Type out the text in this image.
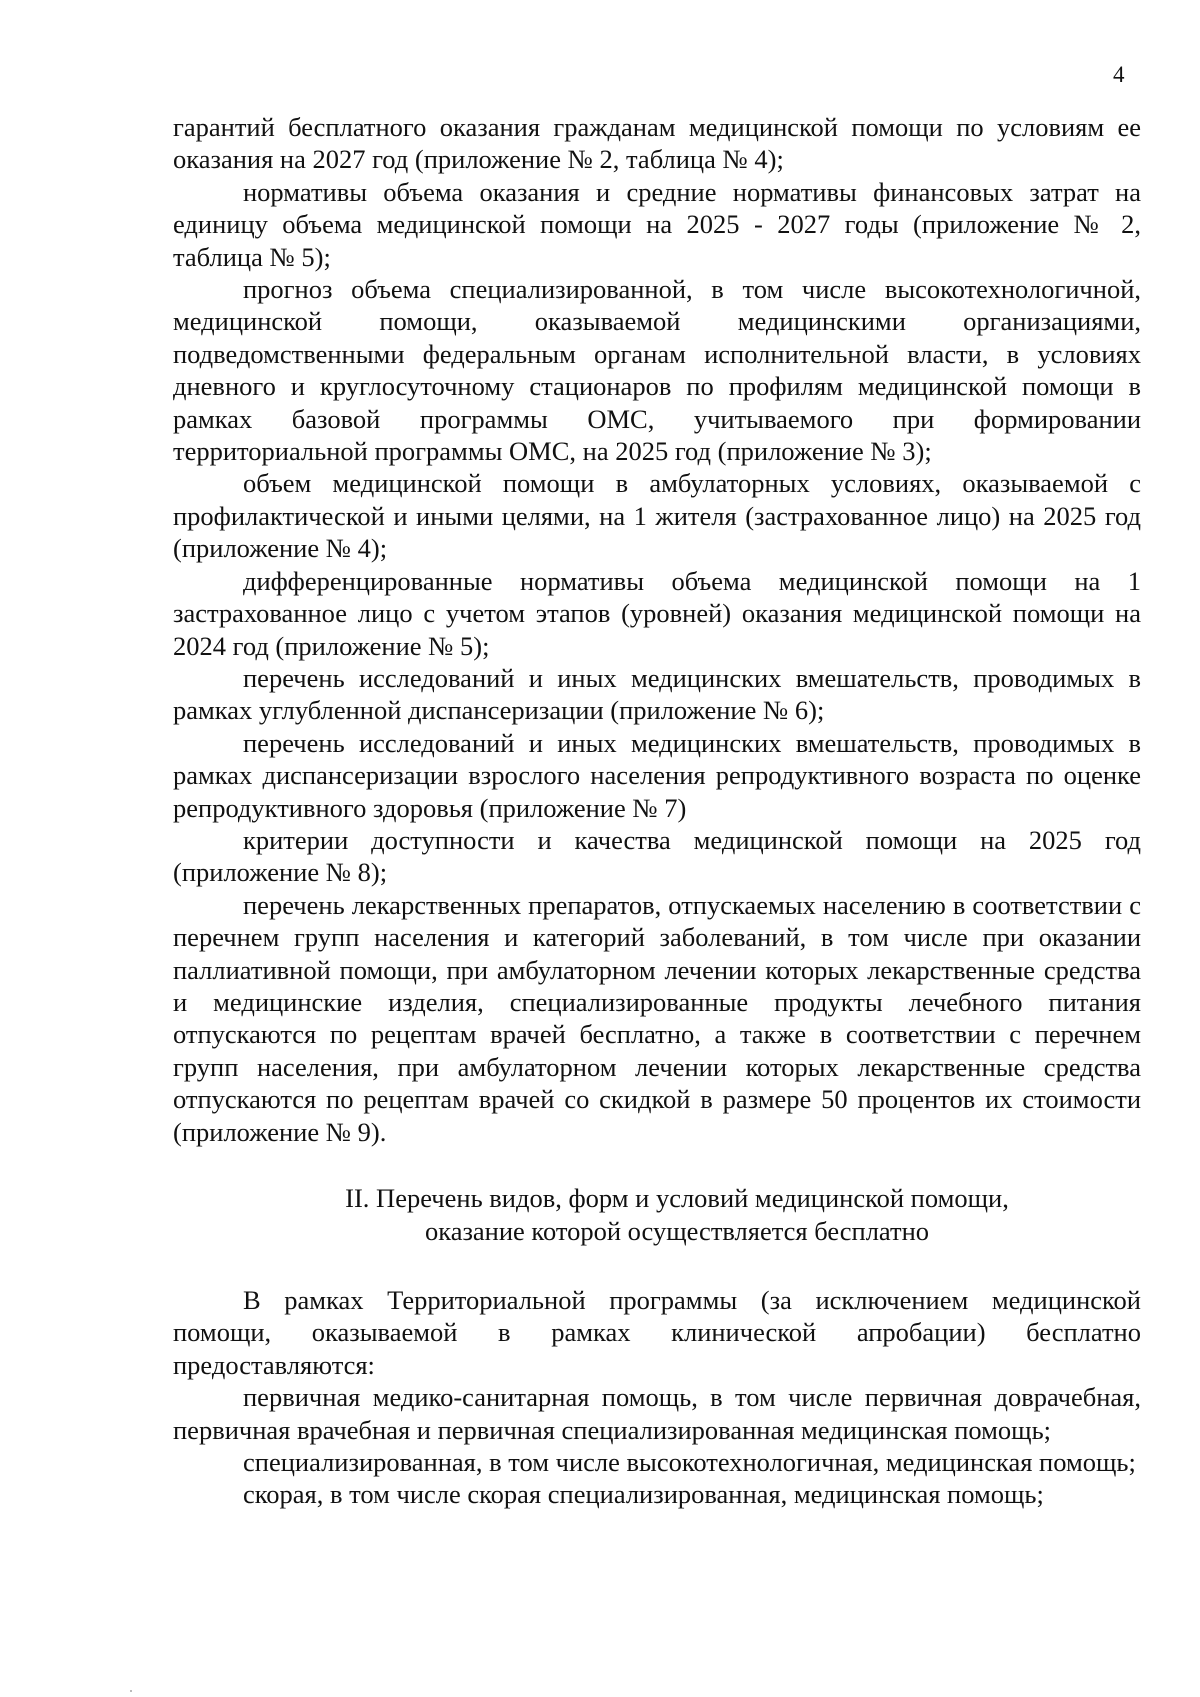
4

гарантий бесплатного оказания гражданам медицинской помощи по условиям ее оказания на 2027 год (приложение № 2, таблица № 4);

нормативы объема оказания и средние нормативы финансовых затрат на единицу объема медицинской помощи на 2025 - 2027 годы (приложение № 2, таблица № 5);

прогноз объема специализированной, в том числе высокотехнологичной, медицинской помощи, оказываемой медицинскими организациями, подведомственными федеральным органам исполнительной власти, в условиях дневного и круглосуточному стационаров по профилям медицинской помощи в рамках базовой программы ОМС, учитываемого при формировании территориальной программы ОМС, на 2025 год (приложение № 3);

объем медицинской помощи в амбулаторных условиях, оказываемой с профилактической и иными целями, на 1 жителя (застрахованное лицо) на 2025 год (приложение № 4);

дифференцированные нормативы объема медицинской помощи на 1 застрахованное лицо с учетом этапов (уровней) оказания медицинской помощи на 2024 год (приложение № 5);

перечень исследований и иных медицинских вмешательств, проводимых в рамках углубленной диспансеризации (приложение № 6);

перечень исследований и иных медицинских вмешательств, проводимых в рамках диспансеризации взрослого населения репродуктивного возраста по оценке репродуктивного здоровья (приложение № 7)

критерии доступности и качества медицинской помощи на 2025 год (приложение № 8);

перечень лекарственных препаратов, отпускаемых населению в соответствии с перечнем групп населения и категорий заболеваний, в том числе при оказании паллиативной помощи, при амбулаторном лечении которых лекарственные средства и медицинские изделия, специализированные продукты лечебного питания отпускаются по рецептам врачей бесплатно, а также в соответствии с перечнем групп населения, при амбулаторном лечении которых лекарственные средства отпускаются по рецептам врачей со скидкой в размере 50 процентов их стоимости (приложение № 9).

II. Перечень видов, форм и условий медицинской помощи,
оказание которой осуществляется бесплатно

В рамках Территориальной программы (за исключением медицинской помощи, оказываемой в рамках клинической апробации) бесплатно предоставляются:

первичная медико-санитарная помощь, в том числе первичная доврачебная, первичная врачебная и первичная специализированная медицинская помощь;

специализированная, в том числе высокотехнологичная, медицинская помощь;

скорая, в том числе скорая специализированная, медицинская помощь;
